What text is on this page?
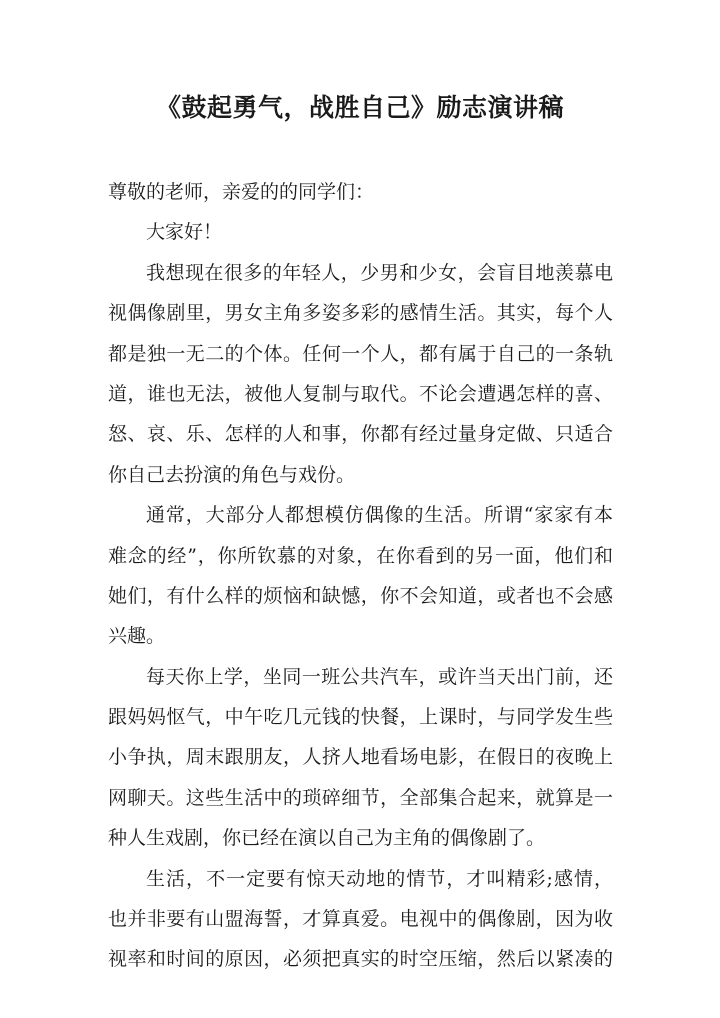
《鼓起勇气，战胜自己》励志演讲稿
尊敬的老师，亲爱的的同学们：
大家好！
我想现在很多的年轻人，少男和少女，会盲目地羡慕电
视偶像剧里，男女主角多姿多彩的感情生活。其实，每个人
都是独一无二的个体。任何一个人，都有属于自己的一条轨
道，谁也无法，被他人复制与取代。不论会遭遇怎样的喜、
怒、哀、乐、怎样的人和事，你都有经过量身定做、只适合
你自己去扮演的角色与戏份。
通常，大部分人都想模仿偶像的生活。所谓“家家有本
难念的经”，你所钦慕的对象，在你看到的另一面，他们和
她们，有什么样的烦恼和缺憾，你不会知道，或者也不会感
兴趣。
每天你上学，坐同一班公共汽车，或许当天出门前，还
跟妈妈怄气，中午吃几元钱的快餐，上课时，与同学发生些
小争执，周末跟朋友，人挤人地看场电影，在假日的夜晚上
网聊天。这些生活中的琐碎细节，全部集合起来，就算是一
种人生戏剧，你已经在演以自己为主角的偶像剧了。
生活，不一定要有惊天动地的情节，才叫精彩;感情，
也并非要有山盟海誓，才算真爱。电视中的偶像剧，因为收
视率和时间的原因，必须把真实的时空压缩，然后以紧凑的
